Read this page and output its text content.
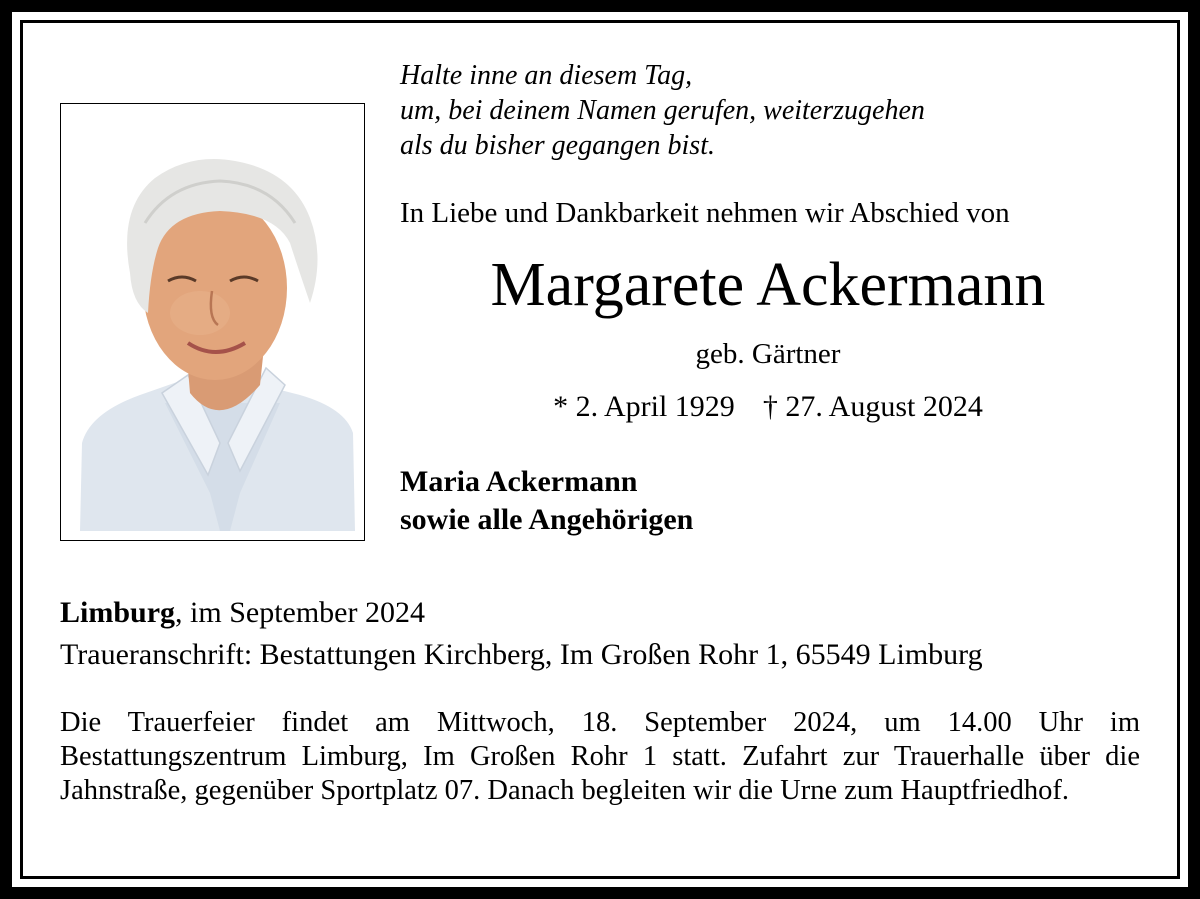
Halte inne an diesem Tag,
um, bei deinem Namen gerufen, weiterzugehen
als du bisher gegangen bist.
In Liebe und Dankbarkeit nehmen wir Abschied von
Margarete Ackermann
geb. Gärtner
* 2. April 1929 † 27. August 2024
Maria Ackermann
sowie alle Angehörigen
Limburg, im September 2024
Traueranschrift: Bestattungen Kirchberg, Im Großen Rohr 1, 65549 Limburg
Die Trauerfeier findet am Mittwoch, 18. September 2024, um 14.00 Uhr im Bestattungszentrum Limburg, Im Großen Rohr 1 statt. Zufahrt zur Trauerhalle über die Jahnstraße, gegenüber Sportplatz 07. Danach begleiten wir die Urne zum Hauptfriedhof.
